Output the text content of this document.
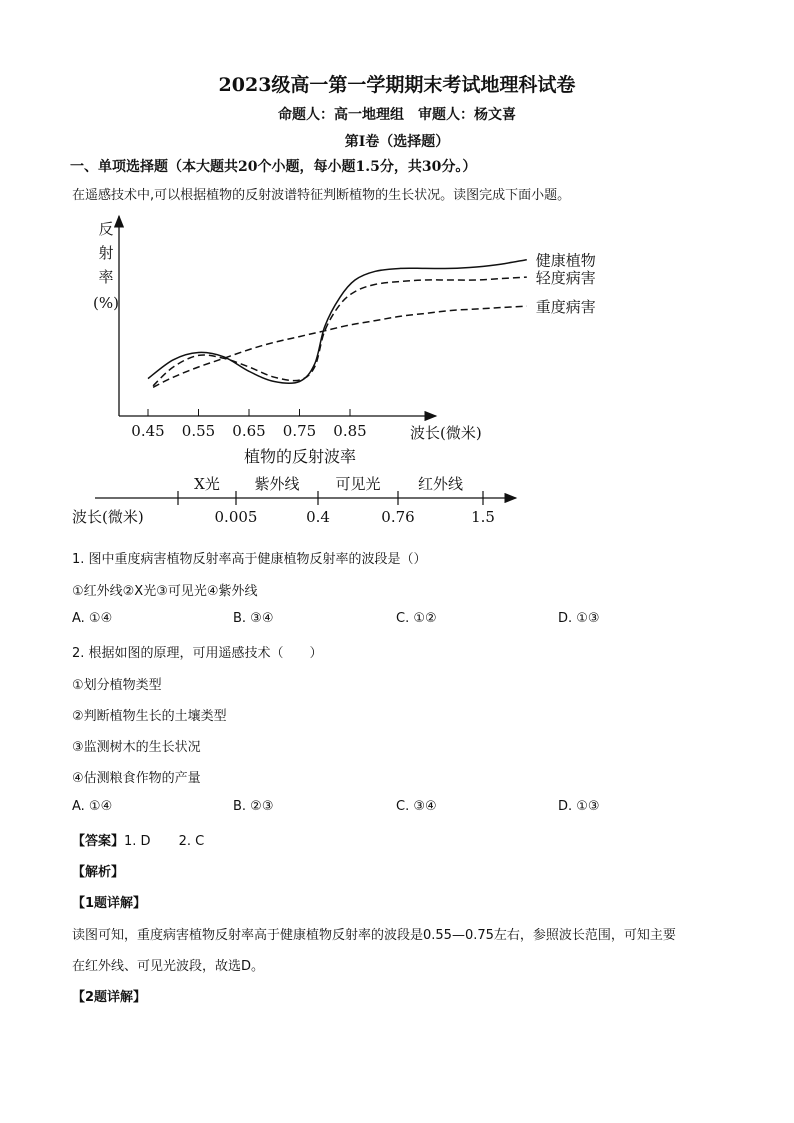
2023级高一第一学期期末考试地理科试卷
命题人：高一地理组　审题人：杨文喜
第Ⅰ卷（选择题）
一、单项选择题（本大题共20个小题，每小题1.5分，共30分。）
在遥感技术中,可以根据植物的反射波谱特征判断植物的生长状况。读图完成下面小题。
反
射
率
(%)
0.45 0.55 0.65 0.75 0.85
健康植物
轻度病害
重度病害
波长(微米)
植物的反射波率
波长(微米)
X光 紫外线 可见光 红外线
0.005	0.4	0.76	1.5
1. 图中重度病害植物反射率高于健康植物反射率的波段是（）
①红外线②X光③可见光④紫外线
A. ①④	B. ③④	C. ①②	D. ①③
2. 根据如图的原理，可用遥感技术（　　）
①划分植物类型
②判断植物生长的土壤类型
③监测树木的生长状况
④估测粮食作物的产量
A. ①④	B. ②③	C. ③④	D. ①③
【答案】1. D 2. C
【解析】
【1题详解】
读图可知，重度病害植物反射率高于健康植物反射率的波段是0.55—0.75左右，参照波长范围，可知主要
在红外线、可见光波段，故选D。
【2题详解】
